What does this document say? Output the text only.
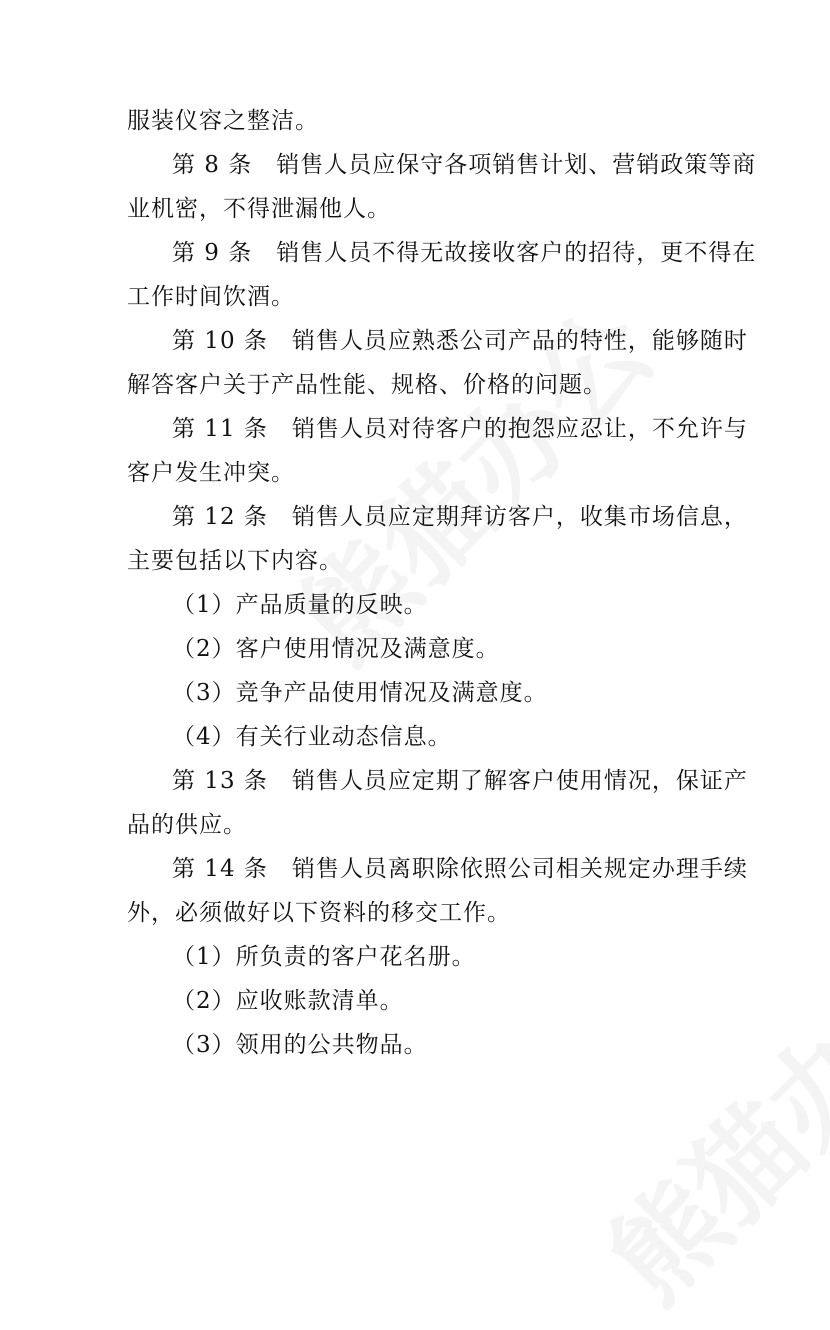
服装仪容之整洁。
第 8 条　销售人员应保守各项销售计划、营销政策等商
业机密，不得泄漏他人。
第 9 条　销售人员不得无故接收客户的招待，更不得在
工作时间饮酒。
第 10 条　销售人员应熟悉公司产品的特性，能够随时
解答客户关于产品性能、规格、价格的问题。
第 11 条　销售人员对待客户的抱怨应忍让，不允许与
客户发生冲突。
第 12 条　销售人员应定期拜访客户，收集市场信息，
主要包括以下内容。
（1）产品质量的反映。
（2）客户使用情况及满意度。
（3）竞争产品使用情况及满意度。
（4）有关行业动态信息。
第 13 条　销售人员应定期了解客户使用情况，保证产
品的供应。
第 14 条　销售人员离职除依照公司相关规定办理手续
外，必须做好以下资料的移交工作。
（1）所负责的客户花名册。
（2）应收账款清单。
（3）领用的公共物品。
